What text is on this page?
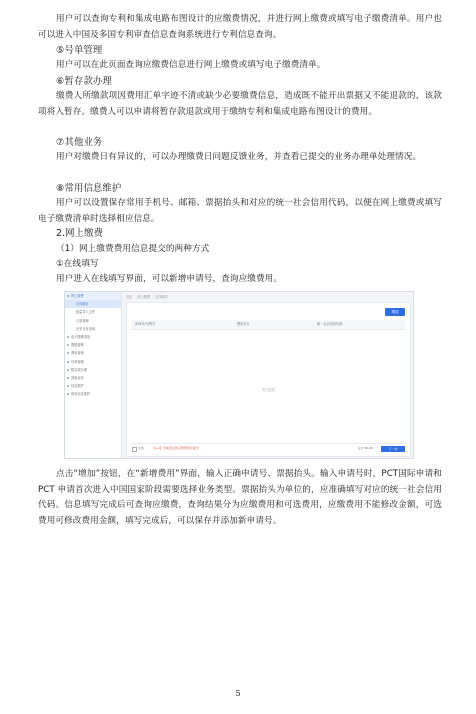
用户可以查询专利和集成电路布图设计的应缴费情况，并进行网上缴费或填写电子缴费清单。用户也可以进入中国及多国专利审查信息查询系统进行专利信息查询。
⑤号单管理
用户可以在此页面查询应缴费信息进行网上缴费或填写电子缴费清单。
⑥暂存款办理
缴费人所缴款项因费用汇单字迹不清或缺少必要缴费信息，造成既不能开出票据又不能退款的，该款项将入暂存。缴费人可以申请将暂存款退款或用于缴纳专利和集成电路布图设计的费用。
⑦其他业务
用户对缴费日有异议的，可以办理缴费日问题反馈业务，并查看已提交的业务办理单处理情况。
⑧常用信息维护
用户可以设置保存常用手机号、邮箱、票据抬头和对应的统一社会信用代码，以便在网上缴费或填写电子缴费清单时选择相应信息。
2.网上缴费
（1）网上缴费费用信息提交的两种方式
①在线填写
用户进入在线填写界面，可以新增申请号，查询应缴费用。
网上缴费
在线填写
批量导入文件
订单管理
历史支付查询
电子缴费清单
票据管理
费用查询
号单管理
暂存款办理
其他业务
信息维护
常用信息维护
首页 网上缴费 在线填写
增加
申请号/专利号	费用总计	统一社会信用代码
暂无数据
全选	【1-2】当前选定的应缴费用未提交	合计 ¥0.00	下一步
点击“增加”按钮，在“新增费用”界面，输入正确申请号、票据抬头。输入申请号时，PCT国际申请和 PCT 申请首次进入中国国家阶段需要选择业务类型。票据抬头为单位的，应准确填写对应的统一社会信用代码。信息填写完成后可查询应缴费，查询结果分为应缴费用和可选费用，应缴费用不能修改金额，可选费用可修改费用金额，填写完成后，可以保存并添加新申请号。
5
